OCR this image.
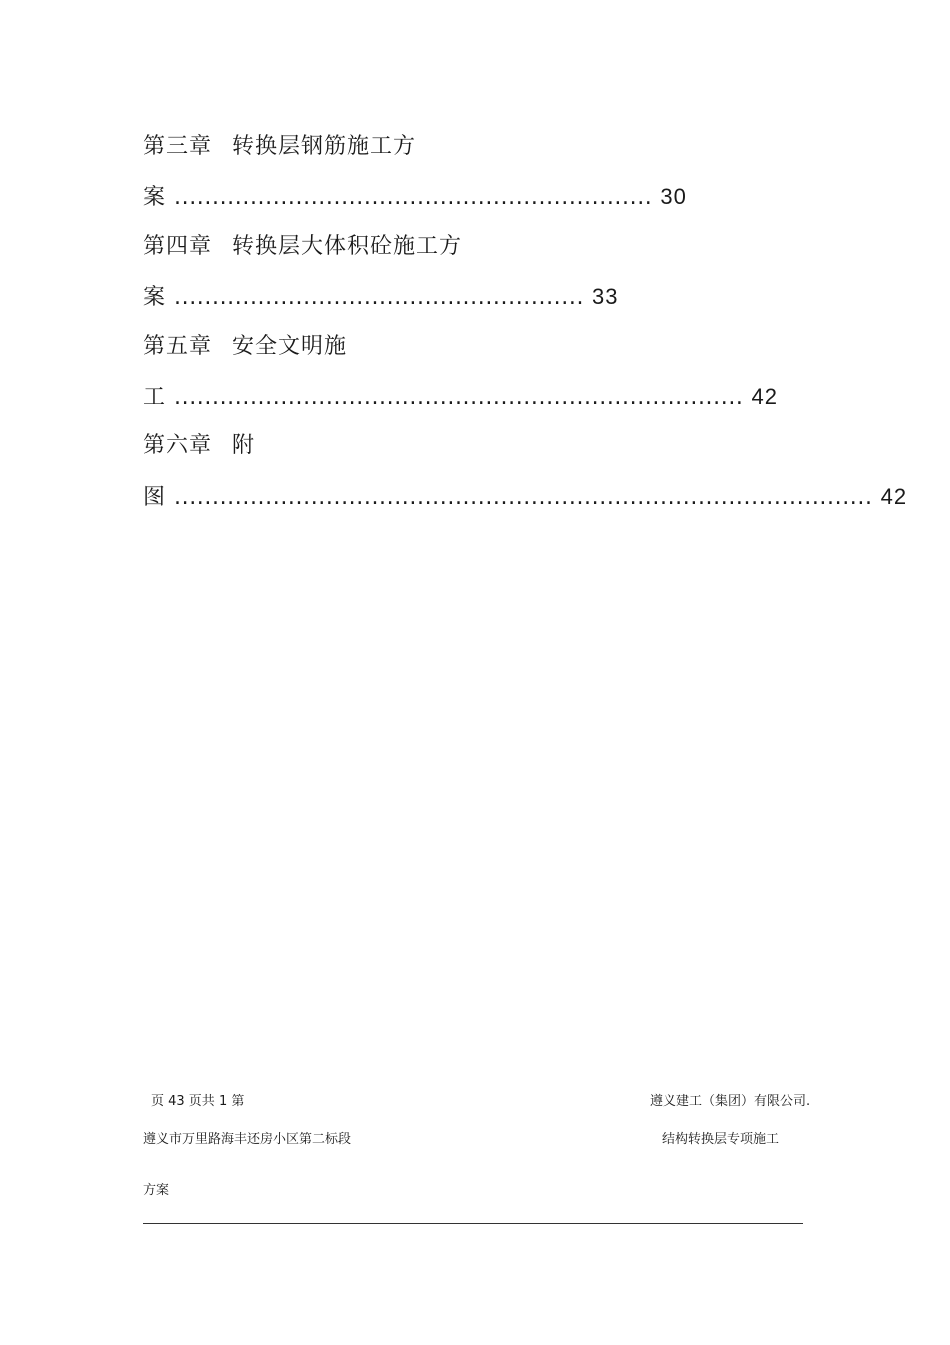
第三章 转换层钢筋施工方
案 ............................................................... 30
第四章 转换层大体积砼施工方
案 ...................................................... 33
第五章 安全文明施
工 ........................................................................... 42
第六章 附
图 ............................................................................................ 42
页 43 页共 1 第	遵义建工（集团）有限公司.
遵义市万里路海丰还房小区第二标段	结构转换层专项施工
方案
